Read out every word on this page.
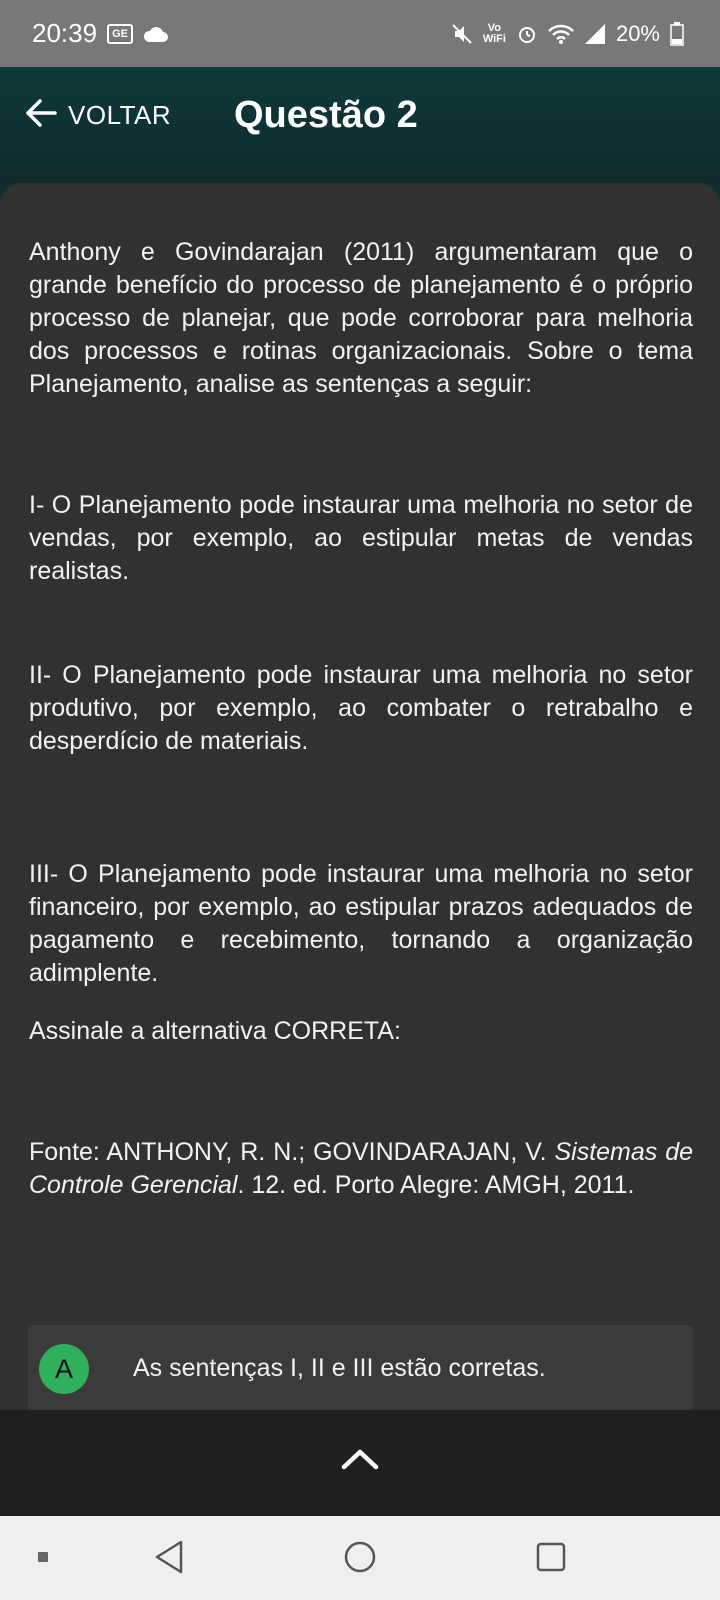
20:39	GE	Vo
WiFi	20%
VOLTAR Questão 2

Anthony e Govindarajan (2011) argumentaram que o grande benefício do processo de planejamento é o próprio processo de planejar, que pode corroborar para melhoria dos processos e rotinas organizacionais. Sobre o tema Planejamento, analise as sentenças a seguir:

I- O Planejamento pode instaurar uma melhoria no setor de vendas, por exemplo, ao estipular metas de vendas realistas.

II- O Planejamento pode instaurar uma melhoria no setor produtivo, por exemplo, ao combater o retrabalho e desperdício de materiais.

III- O Planejamento pode instaurar uma melhoria no setor financeiro, por exemplo, ao estipular prazos adequados de pagamento e recebimento, tornando a organização adimplente.

Assinale a alternativa CORRETA:

Fonte: ANTHONY, R. N.; GOVINDARAJAN, V. Sistemas de Controle Gerencial. 12. ed. Porto Alegre: AMGH, 2011.

A	As sentenças I, II e III estão corretas.
